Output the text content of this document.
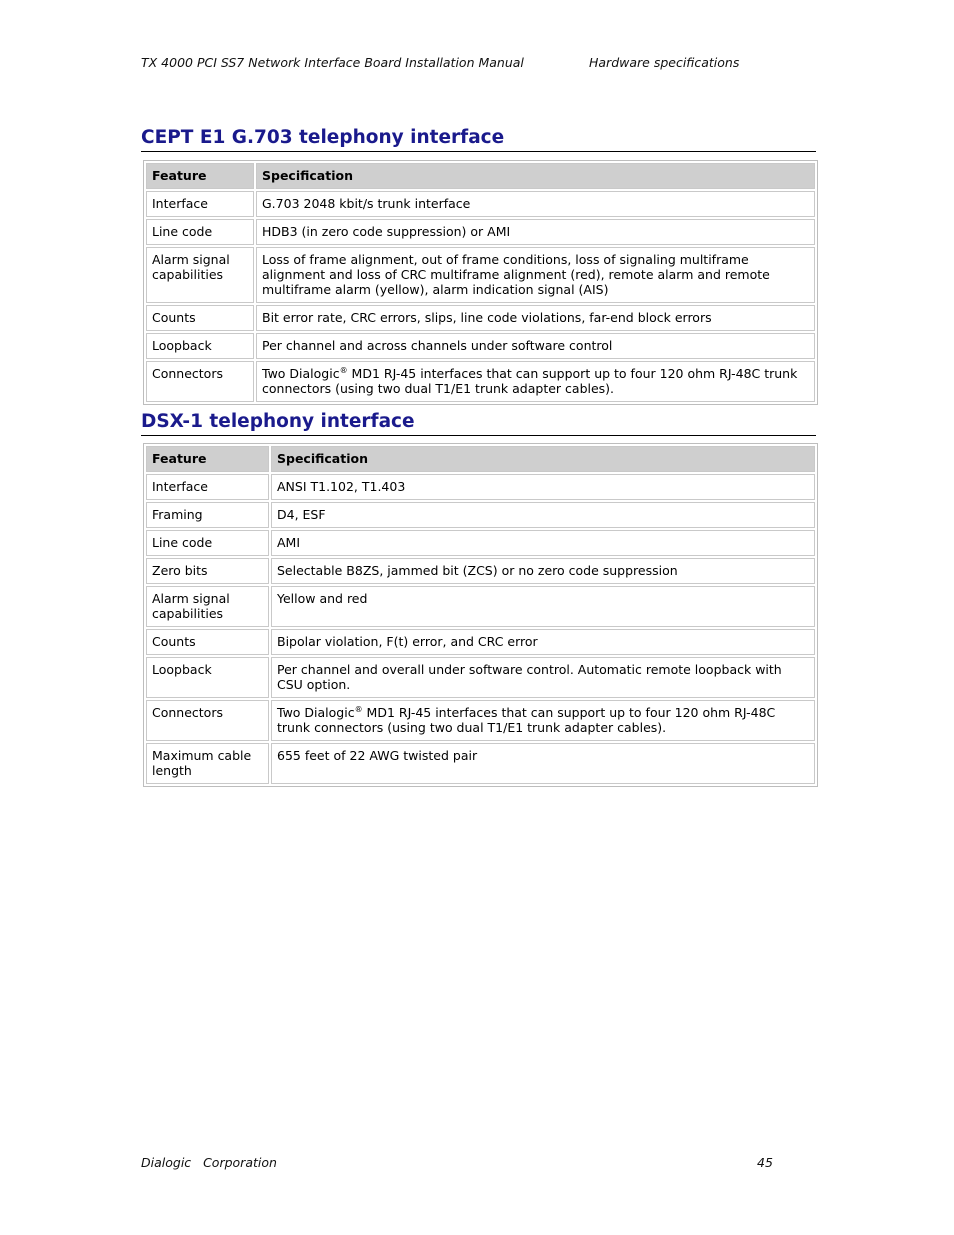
TX 4000 PCI SS7 Network Interface Board Installation Manual	Hardware specifications
CEPT E1 G.703 telephony interface
Feature	Specification
Interface	G.703 2048 kbit/s trunk interface
Line code	HDB3 (in zero code suppression) or AMI
Alarm signal capabilities	Loss of frame alignment, out of frame conditions, loss of signaling multiframe alignment and loss of CRC multiframe alignment (red), remote alarm and remote multiframe alarm (yellow), alarm indication signal (AIS)
Counts	Bit error rate, CRC errors, slips, line code violations, far-end block errors
Loopback	Per channel and across channels under software control
Connectors	Two Dialogic® MD1 RJ-45 interfaces that can support up to four 120 ohm RJ-48C trunk connectors (using two dual T1/E1 trunk adapter cables).
DSX-1 telephony interface
Feature	Specification
Interface	ANSI T1.102, T1.403
Framing	D4, ESF
Line code	AMI
Zero bits	Selectable B8ZS, jammed bit (ZCS) or no zero code suppression
Alarm signal capabilities	Yellow and red
Counts	Bipolar violation, F(t) error, and CRC error
Loopback	Per channel and overall under software control. Automatic remote loopback with CSU option.
Connectors	Two Dialogic® MD1 RJ-45 interfaces that can support up to four 120 ohm RJ-48C trunk connectors (using two dual T1/E1 trunk adapter cables).
Maximum cable length	655 feet of 22 AWG twisted pair
Dialogic   Corporation	45
